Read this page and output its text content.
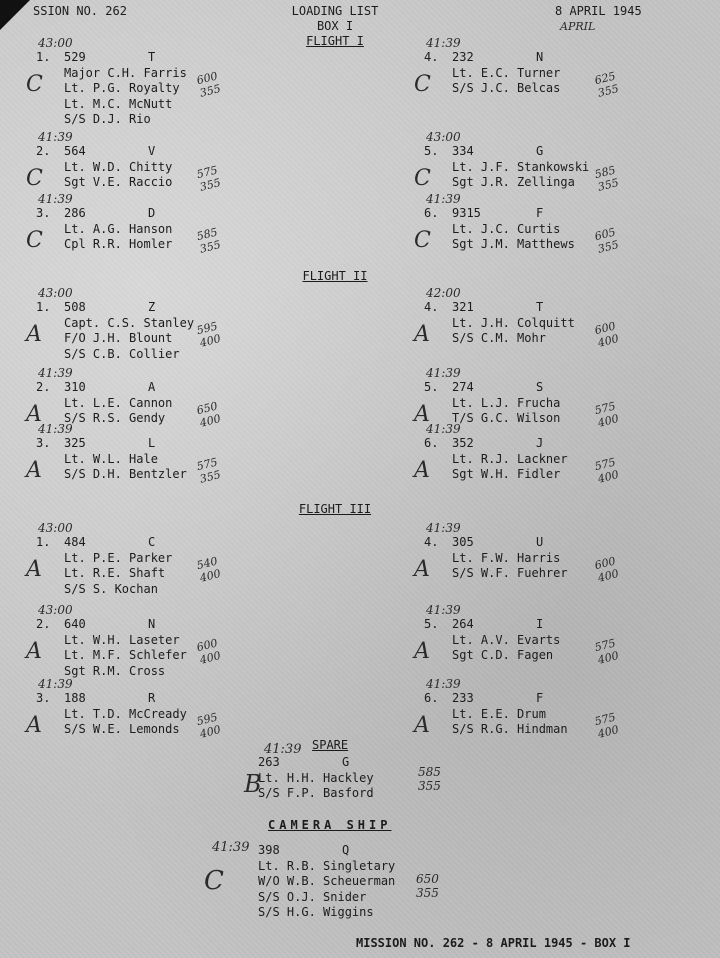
SSION NO. 262	LOADING LIST
BOX I
8 APRIL 1945
APRIL
FLIGHT I
FLIGHT II
FLIGHT III
1. 529	T
Major C.H. Farris
Lt. P.G. Royalty
Lt. M.C. McNutt
S/S D.J. Rio
43:00
C	600 355
2. 564	V
Lt. W.D. Chitty
Sgt V.E. Raccio
41:39
C	575 355
3. 286	D
Lt. A.G. Hanson
Cpl R.R. Homler
41:39
C	585 355
4. 232	N
Lt. E.C. Turner
S/S J.C. Belcas
41:39
C	625 355
5. 334	G
Lt. J.F. Stankowski
Sgt J.R. Zellinga
43:00
C	585 355
6. 9315	F
Lt. J.C. Curtis
Sgt J.M. Matthews
41:39
C	605 355
1. 508	Z
Capt. C.S. Stanley
F/O J.H. Blount
S/S C.B. Collier
43:00
A	595 400
2. 310	A
Lt. L.E. Cannon
S/S R.S. Gendy
41:39
A	650 400
3. 325	L
Lt. W.L. Hale
S/S D.H. Bentzler
41:39
A	575 355
4. 321	T
Lt. J.H. Colquitt
S/S C.M. Mohr
42:00
A	600 400
5. 274	S
Lt. L.J. Frucha
T/S G.C. Wilson
41:39
A	575 400
6. 352	J
Lt. R.J. Lackner
Sgt W.H. Fidler
41:39
A	575 400
1. 484	C
Lt. P.E. Parker
Lt. R.E. Shaft
S/S S. Kochan
43:00
A	540 400
2. 640	N
Lt. W.H. Laseter
Lt. M.F. Schlefer
Sgt R.M. Cross
43:00
A	600 400
3. 188	R
Lt. T.D. McCready
S/S W.E. Lemonds
41:39
A	595 400
4. 305	U
Lt. F.W. Harris
S/S W.F. Fuehrer
41:39
A	600 400
5. 264	I
Lt. A.V. Evarts
Sgt C.D. Fagen
41:39
A	575 400
6. 233	F
Lt. E.E. Drum
S/S R.G. Hindman
41:39
A	575 400
SPARE
263	G
Lt. H.H. Hackley
S/S F.P. Basford
41:39
B	585 355
CAMERA SHIP
398	Q
Lt. R.B. Singletary
W/O W.B. Scheuerman
S/S O.J. Snider
S/S H.G. Wiggins
41:39
C	650 355
MISSION NO. 262 - 8 APRIL 1945 - BOX I
